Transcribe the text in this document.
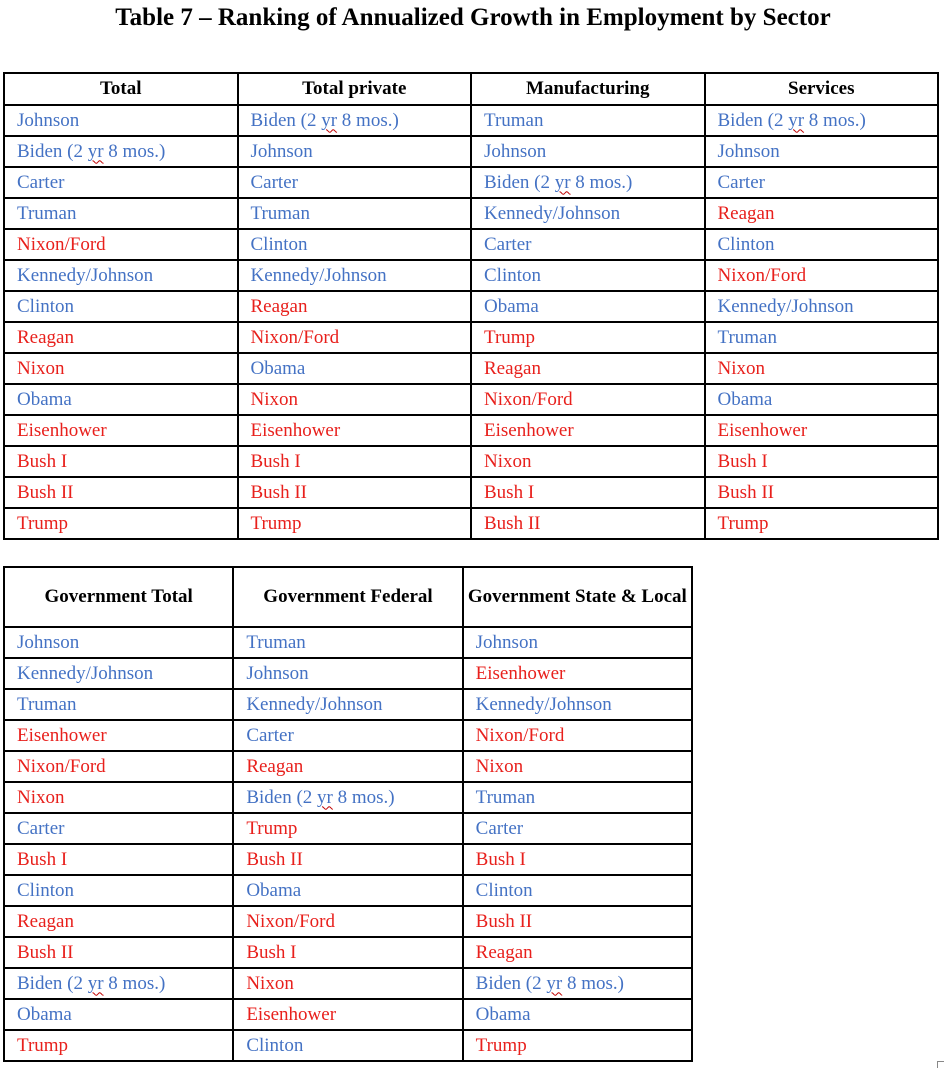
Table 7 – Ranking of Annualized Growth in Employment by Sector
Total	Total private	Manufacturing	Services
Johnson	Biden (2 yr 8 mos.)	Truman	Biden (2 yr 8 mos.)
Biden (2 yr 8 mos.)	Johnson	Johnson	Johnson
Carter	Carter	Biden (2 yr 8 mos.)	Carter
Truman	Truman	Kennedy/Johnson	Reagan
Nixon/Ford	Clinton	Carter	Clinton
Kennedy/Johnson	Kennedy/Johnson	Clinton	Nixon/Ford
Clinton	Reagan	Obama	Kennedy/Johnson
Reagan	Nixon/Ford	Trump	Truman
Nixon	Obama	Reagan	Nixon
Obama	Nixon	Nixon/Ford	Obama
Eisenhower	Eisenhower	Eisenhower	Eisenhower
Bush I	Bush I	Nixon	Bush I
Bush II	Bush II	Bush I	Bush II
Trump	Trump	Bush II	Trump
Government Total	Government Federal	Government State & Local
Johnson	Truman	Johnson
Kennedy/Johnson	Johnson	Eisenhower
Truman	Kennedy/Johnson	Kennedy/Johnson
Eisenhower	Carter	Nixon/Ford
Nixon/Ford	Reagan	Nixon
Nixon	Biden (2 yr 8 mos.)	Truman
Carter	Trump	Carter
Bush I	Bush II	Bush I
Clinton	Obama	Clinton
Reagan	Nixon/Ford	Bush II
Bush II	Bush I	Reagan
Biden (2 yr 8 mos.)	Nixon	Biden (2 yr 8 mos.)
Obama	Eisenhower	Obama
Trump	Clinton	Trump
